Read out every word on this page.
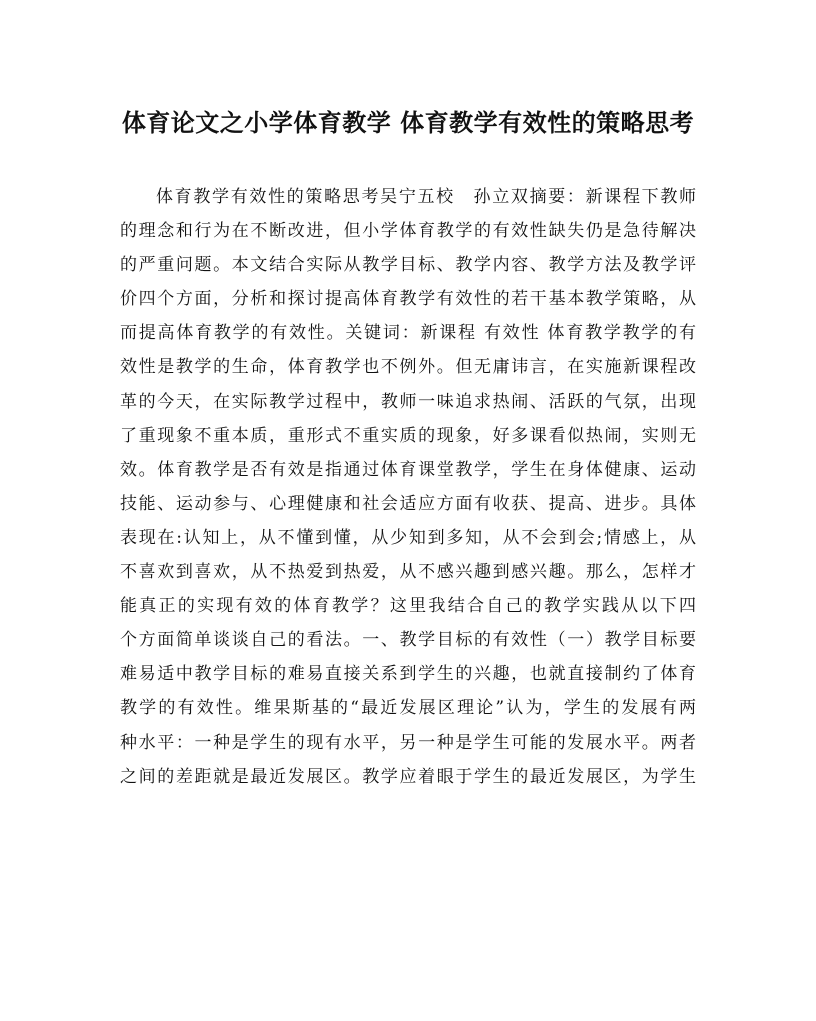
体育论文之小学体育教学 体育教学有效性的策略思考
体育教学有效性的策略思考吴宁五校　孙立双摘要：新课程下教师
的理念和行为在不断改进，但小学体育教学的有效性缺失仍是急待解决
的严重问题。本文结合实际从教学目标、教学内容、教学方法及教学评
价四个方面，分析和探讨提高体育教学有效性的若干基本教学策略，从
而提高体育教学的有效性。关键词：新课程 有效性 体育教学教学的有
效性是教学的生命，体育教学也不例外。但无庸讳言，在实施新课程改
革的今天，在实际教学过程中，教师一味追求热闹、活跃的气氛，出现
了重现象不重本质，重形式不重实质的现象，好多课看似热闹，实则无
效。体育教学是否有效是指通过体育课堂教学，学生在身体健康、运动
技能、运动参与、心理健康和社会适应方面有收获、提高、进步。具体
表现在:认知上，从不懂到懂，从少知到多知，从不会到会;情感上，从
不喜欢到喜欢，从不热爱到热爱，从不感兴趣到感兴趣。那么，怎样才
能真正的实现有效的体育教学？这里我结合自己的教学实践从以下四
个方面简单谈谈自己的看法。一、教学目标的有效性（一）教学目标要
难易适中教学目标的难易直接关系到学生的兴趣，也就直接制约了体育
教学的有效性。维果斯基的“最近发展区理论”认为，学生的发展有两
种水平：一种是学生的现有水平，另一种是学生可能的发展水平。两者
之间的差距就是最近发展区。教学应着眼于学生的最近发展区，为学生
